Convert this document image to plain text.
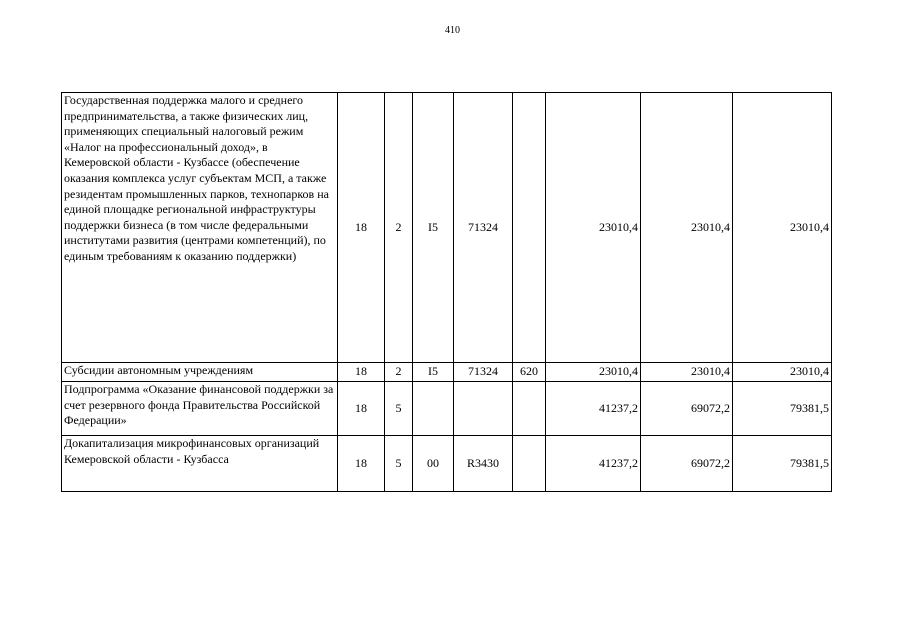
410
Государственная поддержка малого и среднего предпринимательства, а также физических лиц, применяющих специальный налоговый режим «Налог на профессиональный доход», в Кемеровской области - Кузбассе (обеспечение оказания комплекса услуг субъектам МСП, а также резидентам промышленных парков, технопарков на единой площадке региональной инфраструктуры поддержки бизнеса (в том числе федеральными институтами развития (центрами компетенций), по единым требованиям к оказанию поддержки)	18	2	I5	71324		23010,4	23010,4	23010,4
Субсидии автономным учреждениям	18	2	I5	71324	620	23010,4	23010,4	23010,4
Подпрограмма «Оказание финансовой поддержки за счет резервного фонда Правительства Российской Федерации»	18	5				41237,2	69072,2	79381,5
Докапитализация микрофинансовых организаций Кемеровской области - Кузбасса	18	5	00	R3430		41237,2	69072,2	79381,5
